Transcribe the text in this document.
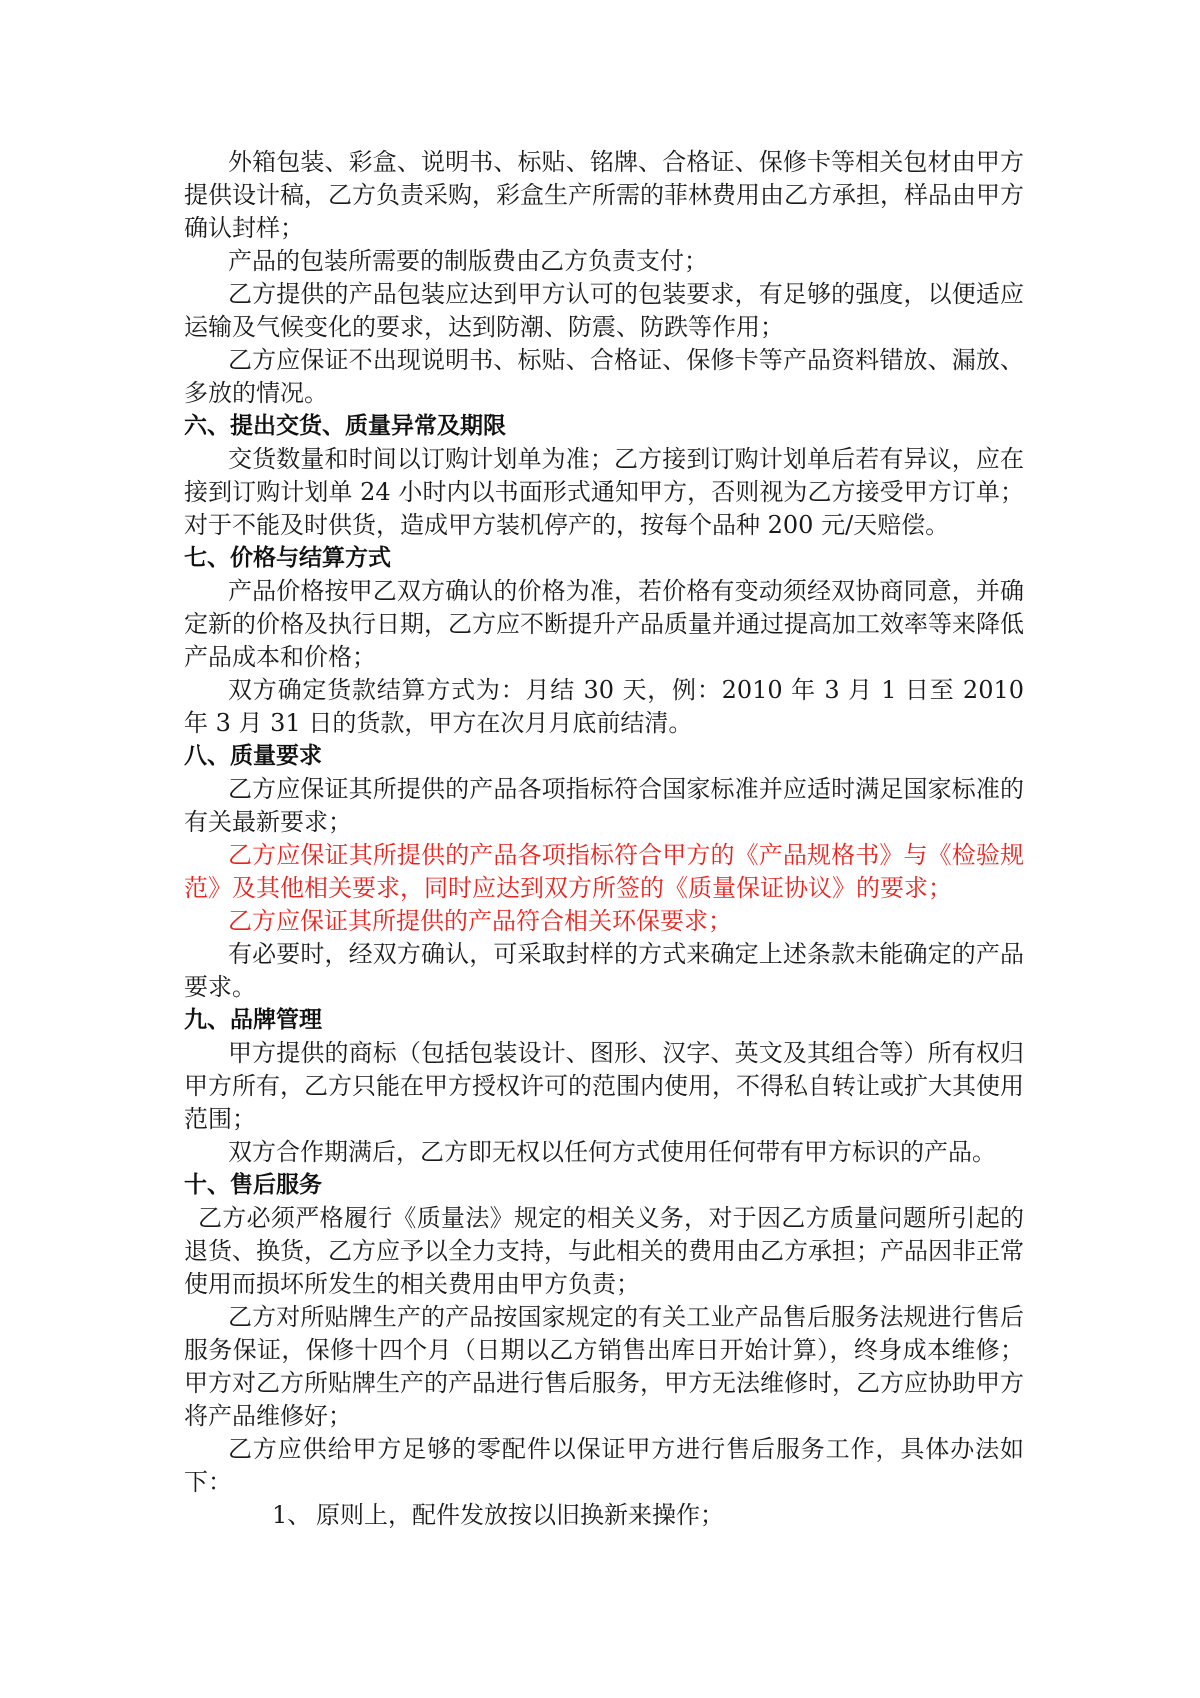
外箱包装、彩盒、说明书、标贴、铭牌、合格证、保修卡等相关包材由甲方提供设计稿，乙方负责采购，彩盒生产所需的菲林费用由乙方承担，样品由甲方确认封样；

产品的包装所需要的制版费由乙方负责支付；

乙方提供的产品包装应达到甲方认可的包装要求，有足够的强度，以便适应运输及气候变化的要求，达到防潮、防震、防跌等作用；

乙方应保证不出现说明书、标贴、合格证、保修卡等产品资料错放、漏放、多放的情况。

六、提出交货、质量异常及期限

交货数量和时间以订购计划单为准；乙方接到订购计划单后若有异议，应在接到订购计划单 24 小时内以书面形式通知甲方，否则视为乙方接受甲方订单；对于不能及时供货，造成甲方装机停产的，按每个品种 200 元/天赔偿。

七、价格与结算方式

产品价格按甲乙双方确认的价格为准，若价格有变动须经双协商同意，并确定新的价格及执行日期，乙方应不断提升产品质量并通过提高加工效率等来降低产品成本和价格；

双方确定货款结算方式为：月结 30 天，例：2010 年 3 月 1 日至 2010 年 3 月 31 日的货款，甲方在次月月底前结清。

八、质量要求

乙方应保证其所提供的产品各项指标符合国家标准并应适时满足国家标准的有关最新要求；

乙方应保证其所提供的产品各项指标符合甲方的《产品规格书》与《检验规范》及其他相关要求，同时应达到双方所签的《质量保证协议》的要求；

乙方应保证其所提供的产品符合相关环保要求；

有必要时，经双方确认，可采取封样的方式来确定上述条款未能确定的产品要求。

九、品牌管理

甲方提供的商标（包括包装设计、图形、汉字、英文及其组合等）所有权归甲方所有，乙方只能在甲方授权许可的范围内使用，不得私自转让或扩大其使用范围；

双方合作期满后，乙方即无权以任何方式使用任何带有甲方标识的产品。

十、售后服务

乙方必须严格履行《质量法》规定的相关义务，对于因乙方质量问题所引起的退货、换货，乙方应予以全力支持，与此相关的费用由乙方承担；产品因非正常使用而损坏所发生的相关费用由甲方负责；

乙方对所贴牌生产的产品按国家规定的有关工业产品售后服务法规进行售后服务保证，保修十四个月（日期以乙方销售出库日开始计算），终身成本维修；甲方对乙方所贴牌生产的产品进行售后服务，甲方无法维修时，乙方应协助甲方将产品维修好；

乙方应供给甲方足够的零配件以保证甲方进行售后服务工作，具体办法如下：

1、 原则上，配件发放按以旧换新来操作；
